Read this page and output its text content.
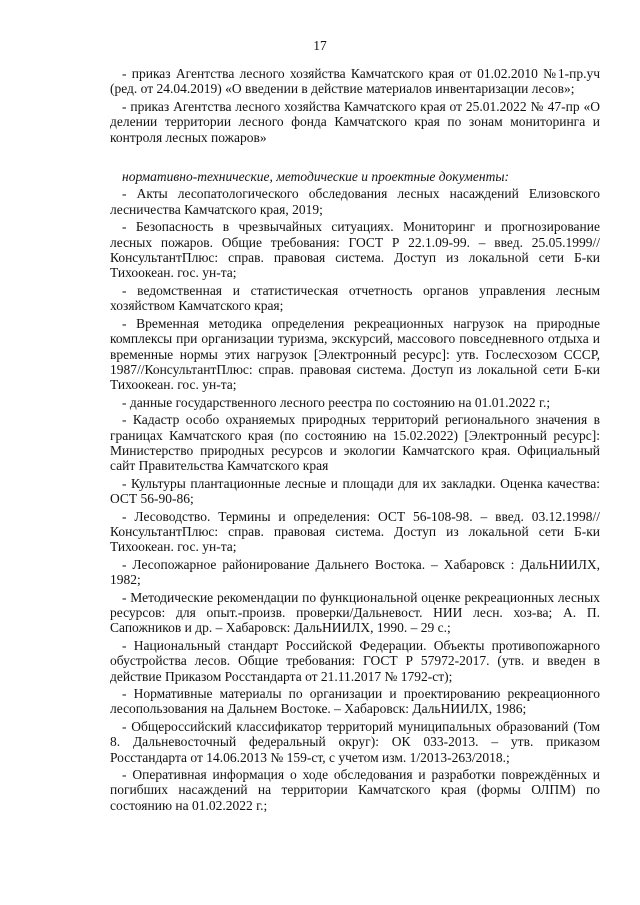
17

- приказ Агентства лесного хозяйства Камчатского края от 01.02.2010 №1-пр.уч (ред. от 24.04.2019) «О введении в действие материалов инвентаризации лесов»;

- приказ Агентства лесного хозяйства Камчатского края от 25.01.2022 № 47-пр «О делении территории лесного фонда Камчатского края по зонам мониторинга и контроля лесных пожаров»

нормативно-технические, методические и проектные документы:

- Акты лесопатологического обследования лесных насаждений Елизовского лесничества Камчатского края, 2019;

- Безопасность в чрезвычайных ситуациях. Мониторинг и прогнозирование лесных пожаров. Общие требования: ГОСТ Р 22.1.09-99. – введ. 25.05.1999// КонсультантПлюс: справ. правовая система. Доступ из локальной сети Б-ки Тихоокеан. гос. ун-та;

- ведомственная и статистическая отчетность органов управления лесным хозяйством Камчатского края;

- Временная методика определения рекреационных нагрузок на природные комплексы при организации туризма, экскурсий, массового повседневного отдыха и временные нормы этих нагрузок [Электронный ресурс]: утв. Гослесхозом СССР, 1987//КонсультантПлюс: справ. правовая система. Доступ из локальной сети Б-ки Тихоокеан. гос. ун-та;

- данные государственного лесного реестра по состоянию на 01.01.2022 г.;

- Кадастр особо охраняемых природных территорий регионального значения в границах Камчатского края (по состоянию на 15.02.2022) [Электронный ресурс]: Министерство природных ресурсов и экологии Камчатского края. Официальный сайт Правительства Камчатского края

- Культуры плантационные лесные и площади для их закладки. Оценка качества: ОСТ 56-90-86;

- Лесоводство. Термины и определения: ОСТ 56-108-98. – введ. 03.12.1998// КонсультантПлюс: справ. правовая система. Доступ из локальной сети Б-ки Тихоокеан. гос. ун-та;

- Лесопожарное районирование Дальнего Востока. – Хабаровск : ДальНИИЛХ, 1982;

- Методические рекомендации по функциональной оценке рекреационных лесных ресурсов: для опыт.-произв. проверки/Дальневост. НИИ лесн. хоз-ва; А. П. Сапожников и др. – Хабаровск: ДальНИИЛХ, 1990. – 29 с.;

- Национальный стандарт Российской Федерации. Объекты противопожарного обустройства лесов. Общие требования: ГОСТ Р 57972-2017. (утв. и введен в действие Приказом Росстандарта от 21.11.2017 № 1792-ст);

- Нормативные материалы по организации и проектированию рекреационного лесопользования на Дальнем Востоке. – Хабаровск: ДальНИИЛХ, 1986;

- Общероссийский классификатор территорий муниципальных образований (Том 8. Дальневосточный федеральный округ): ОК 033-2013. – утв. приказом Росстандарта от 14.06.2013 № 159-ст, с учетом изм. 1/2013-263/2018.;

- Оперативная информация о ходе обследования и разработки повреждённых и погибших насаждений на территории Камчатского края (формы ОЛПМ) по состоянию на 01.02.2022 г.;
